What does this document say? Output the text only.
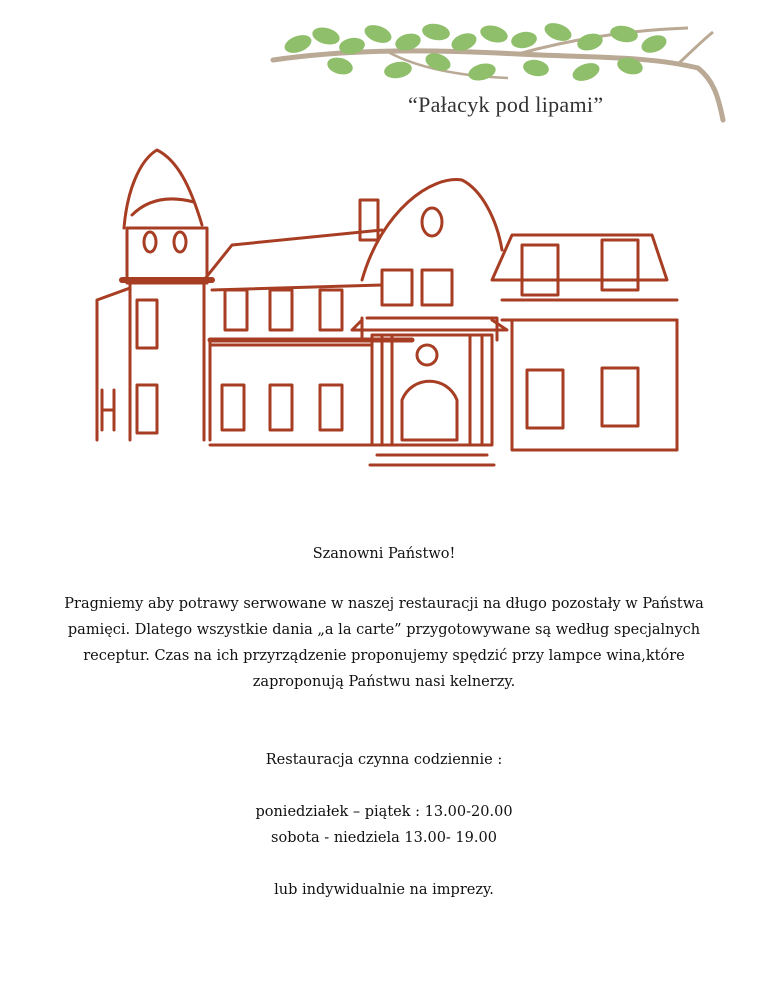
“Pałacyk pod lipami”

Szanowni Państwo!

Pragniemy aby potrawy serwowane w naszej restauracji na długo pozostały w Państwa pamięci. Dlatego wszystkie dania „a la carte” przygotowywane są według specjalnych receptur. Czas na ich przyrządzenie proponujemy spędzić przy lampce wina,które zaproponują Państwu nasi kelnerzy.

Restauracja czynna codziennie :

poniedziałek – piątek : 13.00-20.00

sobota - niedziela 13.00- 19.00

lub indywidualnie na imprezy.
